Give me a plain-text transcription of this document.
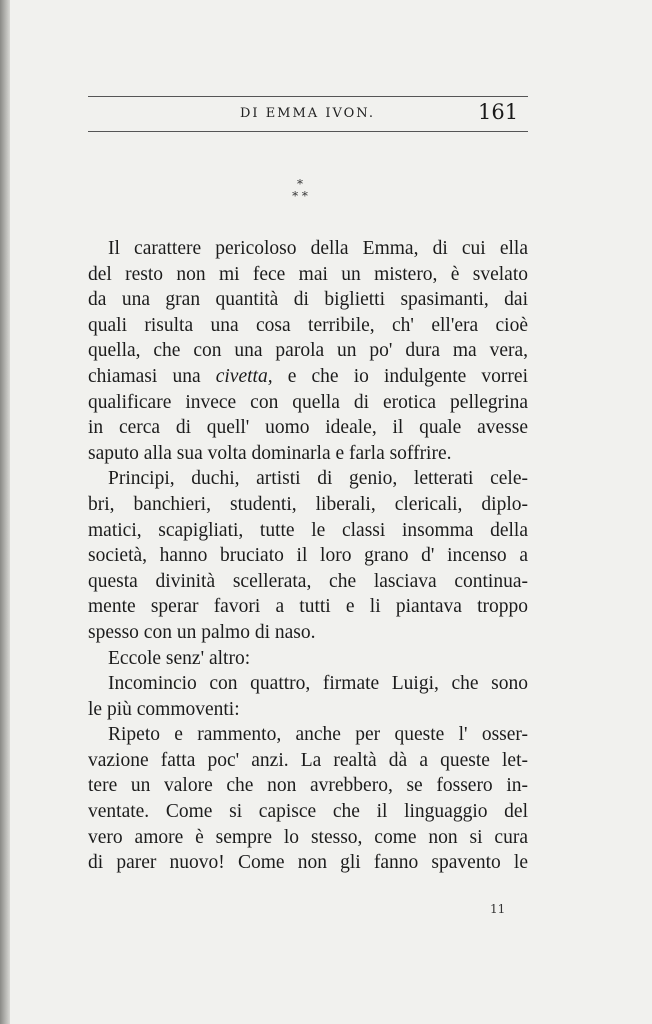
DI EMMA IVON.	161
*
* *
Il carattere pericoloso della Emma, di cui ella
del resto non mi fece mai un mistero, è svelato
da una gran quantità di biglietti spasimanti, dai
quali risulta una cosa terribile, ch' ell'era cioè
quella, che con una parola un po' dura ma vera,
chiamasi una civetta, e che io indulgente vorrei
qualificare invece con quella di erotica pellegrina
in cerca di quell' uomo ideale, il quale avesse
saputo alla sua volta dominarla e farla soffrire.
Principi, duchi, artisti di genio, letterati cele-
bri, banchieri, studenti, liberali, clericali, diplo-
matici, scapigliati, tutte le classi insomma della
società, hanno bruciato il loro grano d' incenso a
questa divinità scellerata, che lasciava continua-
mente sperar favori a tutti e li piantava troppo
spesso con un palmo di naso.
Eccole senz' altro:
Incomincio con quattro, firmate Luigi, che sono
le più commoventi:
Ripeto e rammento, anche per queste l' osser-
vazione fatta poc' anzi. La realtà dà a queste let-
tere un valore che non avrebbero, se fossero in-
ventate. Come si capisce che il linguaggio del
vero amore è sempre lo stesso, come non si cura
di parer nuovo! Come non gli fanno spavento le
11
